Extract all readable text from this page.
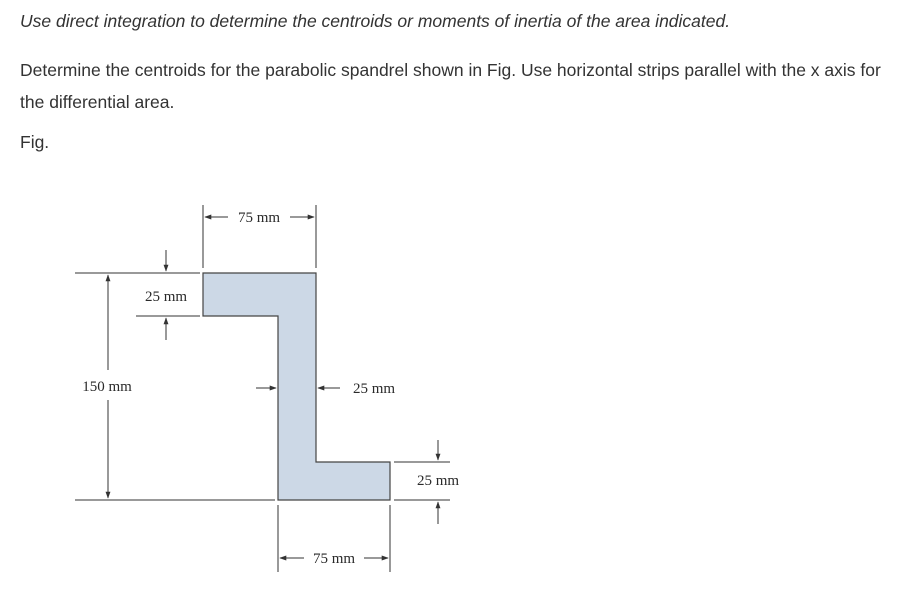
Use direct integration to determine the centroids or moments of inertia of the area indicated.

Determine the centroids for the parabolic spandrel shown in Fig. Use horizontal strips parallel with the x axis for the differential area.

Fig.

75 mm
150 mm
25 mm
25 mm
25 mm
75 mm
